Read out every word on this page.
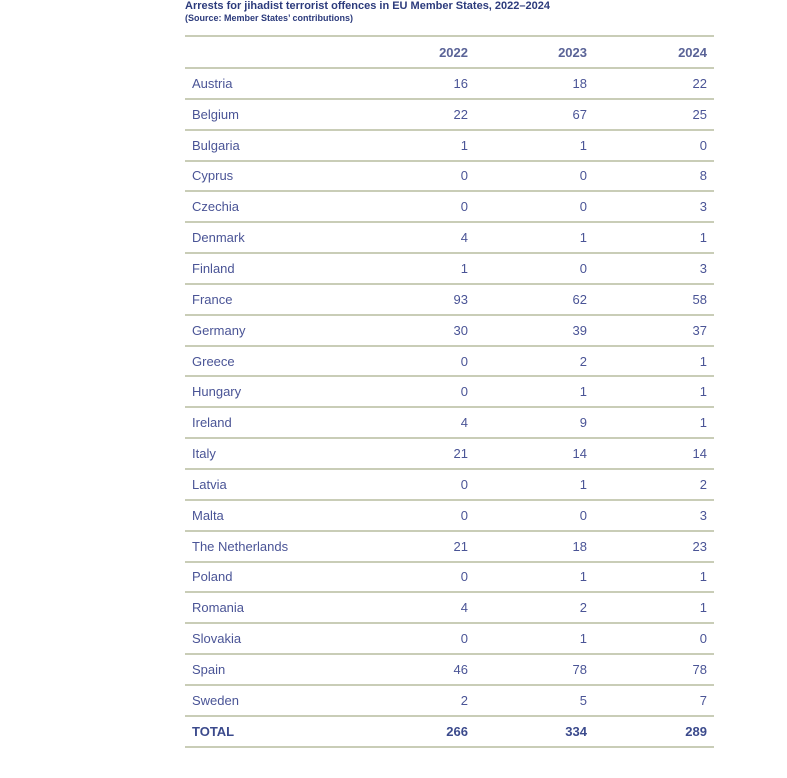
Arrests for jihadist terrorist offences in EU Member States, 2022–2024
(Source: Member States’ contributions)
	2022	2023	2024
Austria	16	18	22
Belgium	22	67	25
Bulgaria	1	1	0
Cyprus	0	0	8
Czechia	0	0	3
Denmark	4	1	1
Finland	1	0	3
France	93	62	58
Germany	30	39	37
Greece	0	2	1
Hungary	0	1	1
Ireland	4	9	1
Italy	21	14	14
Latvia	0	1	2
Malta	0	0	3
The Netherlands	21	18	23
Poland	0	1	1
Romania	4	2	1
Slovakia	0	1	0
Spain	46	78	78
Sweden	2	5	7
TOTAL	266	334	289
